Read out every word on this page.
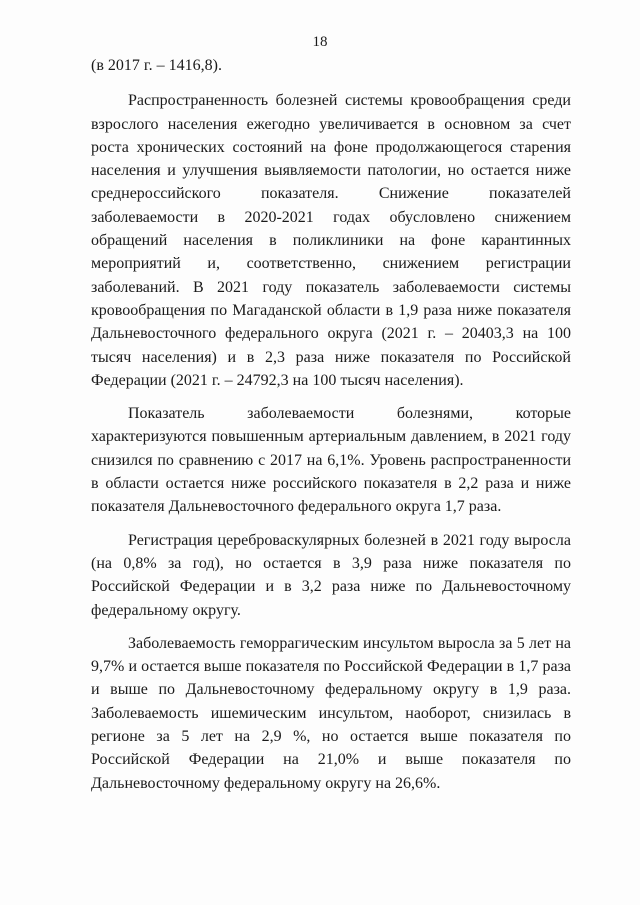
18

(в 2017 г. – 1416,8).

Распространенность болезней системы кровообращения среди взрослого населения ежегодно увеличивается в основном за счет роста хронических состояний на фоне продолжающегося старения населения и улучшения выявляемости патологии, но остается ниже среднероссийского показателя. Снижение показателей заболеваемости в 2020-2021 годах обусловлено снижением обращений населения в поликлиники на фоне карантинных мероприятий и, соответственно, снижением регистрации заболеваний. В 2021 году показатель заболеваемости системы кровообращения по Магаданской области в 1,9 раза ниже показателя Дальневосточного федерального округа (2021 г. – 20403,3 на 100 тысяч населения) и в 2,3 раза ниже показателя по Российской Федерации (2021 г. – 24792,3 на 100 тысяч населения).

Показатель заболеваемости болезнями, которые характеризуются повышенным артериальным давлением, в 2021 году снизился по сравнению с 2017 на 6,1%. Уровень распространенности в области остается ниже российского показателя в 2,2 раза и ниже показателя Дальневосточного федерального округа 1,7 раза.

Регистрация цереброваскулярных болезней в 2021 году выросла (на 0,8% за год), но остается в 3,9 раза ниже показателя по Российской Федерации и в 3,2 раза ниже по Дальневосточному федеральному округу.

Заболеваемость геморрагическим инсультом выросла за 5 лет на 9,7% и остается выше показателя по Российской Федерации в 1,7 раза и выше по Дальневосточному федеральному округу в 1,9 раза. Заболеваемость ишемическим инсультом, наоборот, снизилась в регионе за 5 лет на 2,9 %, но остается выше показателя по Российской Федерации на 21,0% и выше показателя по Дальневосточному федеральному округу на 26,6%.
